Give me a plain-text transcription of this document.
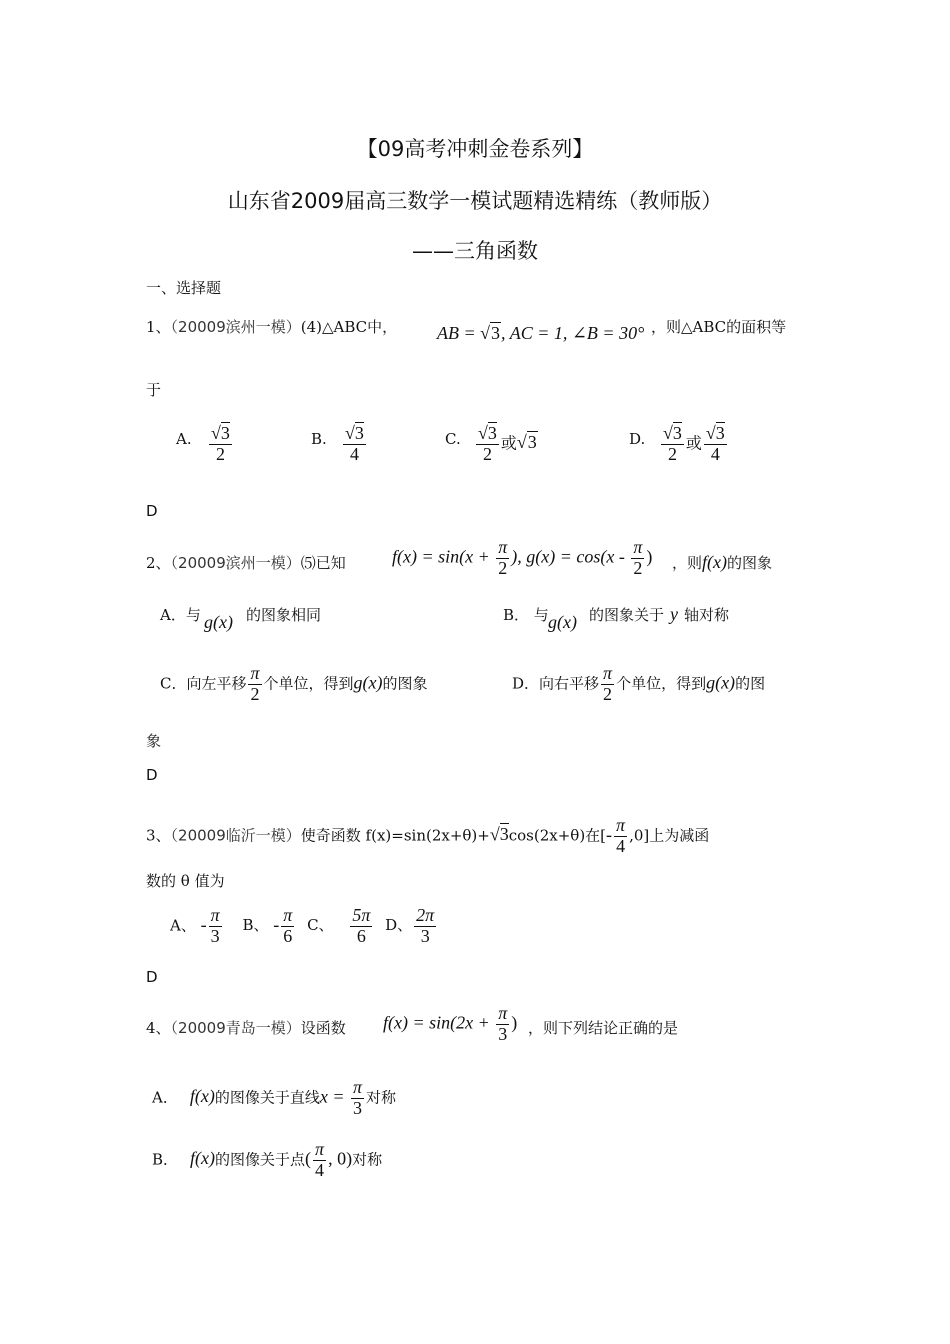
【09高考冲刺金卷系列】
山东省2009届高三数学一模试题精选精练（教师版）
——三角函数
一、选择题
1、（20009滨州一模）(4)△ABC中， AB = √3, AC = 1, ∠B = 30° ，则△ABC的面积等
于
A. $\frac{√3}{2}$	B. $\frac{√3}{4}$	C. $\frac{√3}{2}$ 或√3	D. $\frac{√3}{2}$ 或 $\frac{√3}{4}$
D
2、（20009滨州一模）⑸已知	$f(x) = \sin(x + \frac{\pi}{2}$ ), $g(x) = \cos(x - \frac{\pi}{2}$ ) ，则f(x)的图象
A．与 g(x) 的图象相同	B． 与 g(x) 的图象关于 y 轴对称
C．向左平移 $\frac{\pi}{2}$ 个单位，得到g(x)的图象	D．向右平移 $\frac{\pi}{2}$ 个单位，得到g(x)的图
象
D
3、（20009临沂一模）使奇函数 f(x)=sin(2x+θ)+√3cos(2x+θ)在[- $\frac{\pi}{4} ,0$]上为减函
数的 θ 值为
A、 - $\frac{\pi}{3}$ B、 - $\frac{\pi}{6}$ C、 $\frac{5\pi}{6}$ D、 $\frac{2\pi}{3}$
D
4、（20009青岛一模）设函数 $f(x) = \sin(2x + \frac{\pi}{3}$ ) ，则下列结论正确的是
A． f(x)的图像关于直线$x = \frac{\pi}{3}$ 对称
B． f(x)的图像关于点( $\frac{\pi}{4}$ , 0)对称
